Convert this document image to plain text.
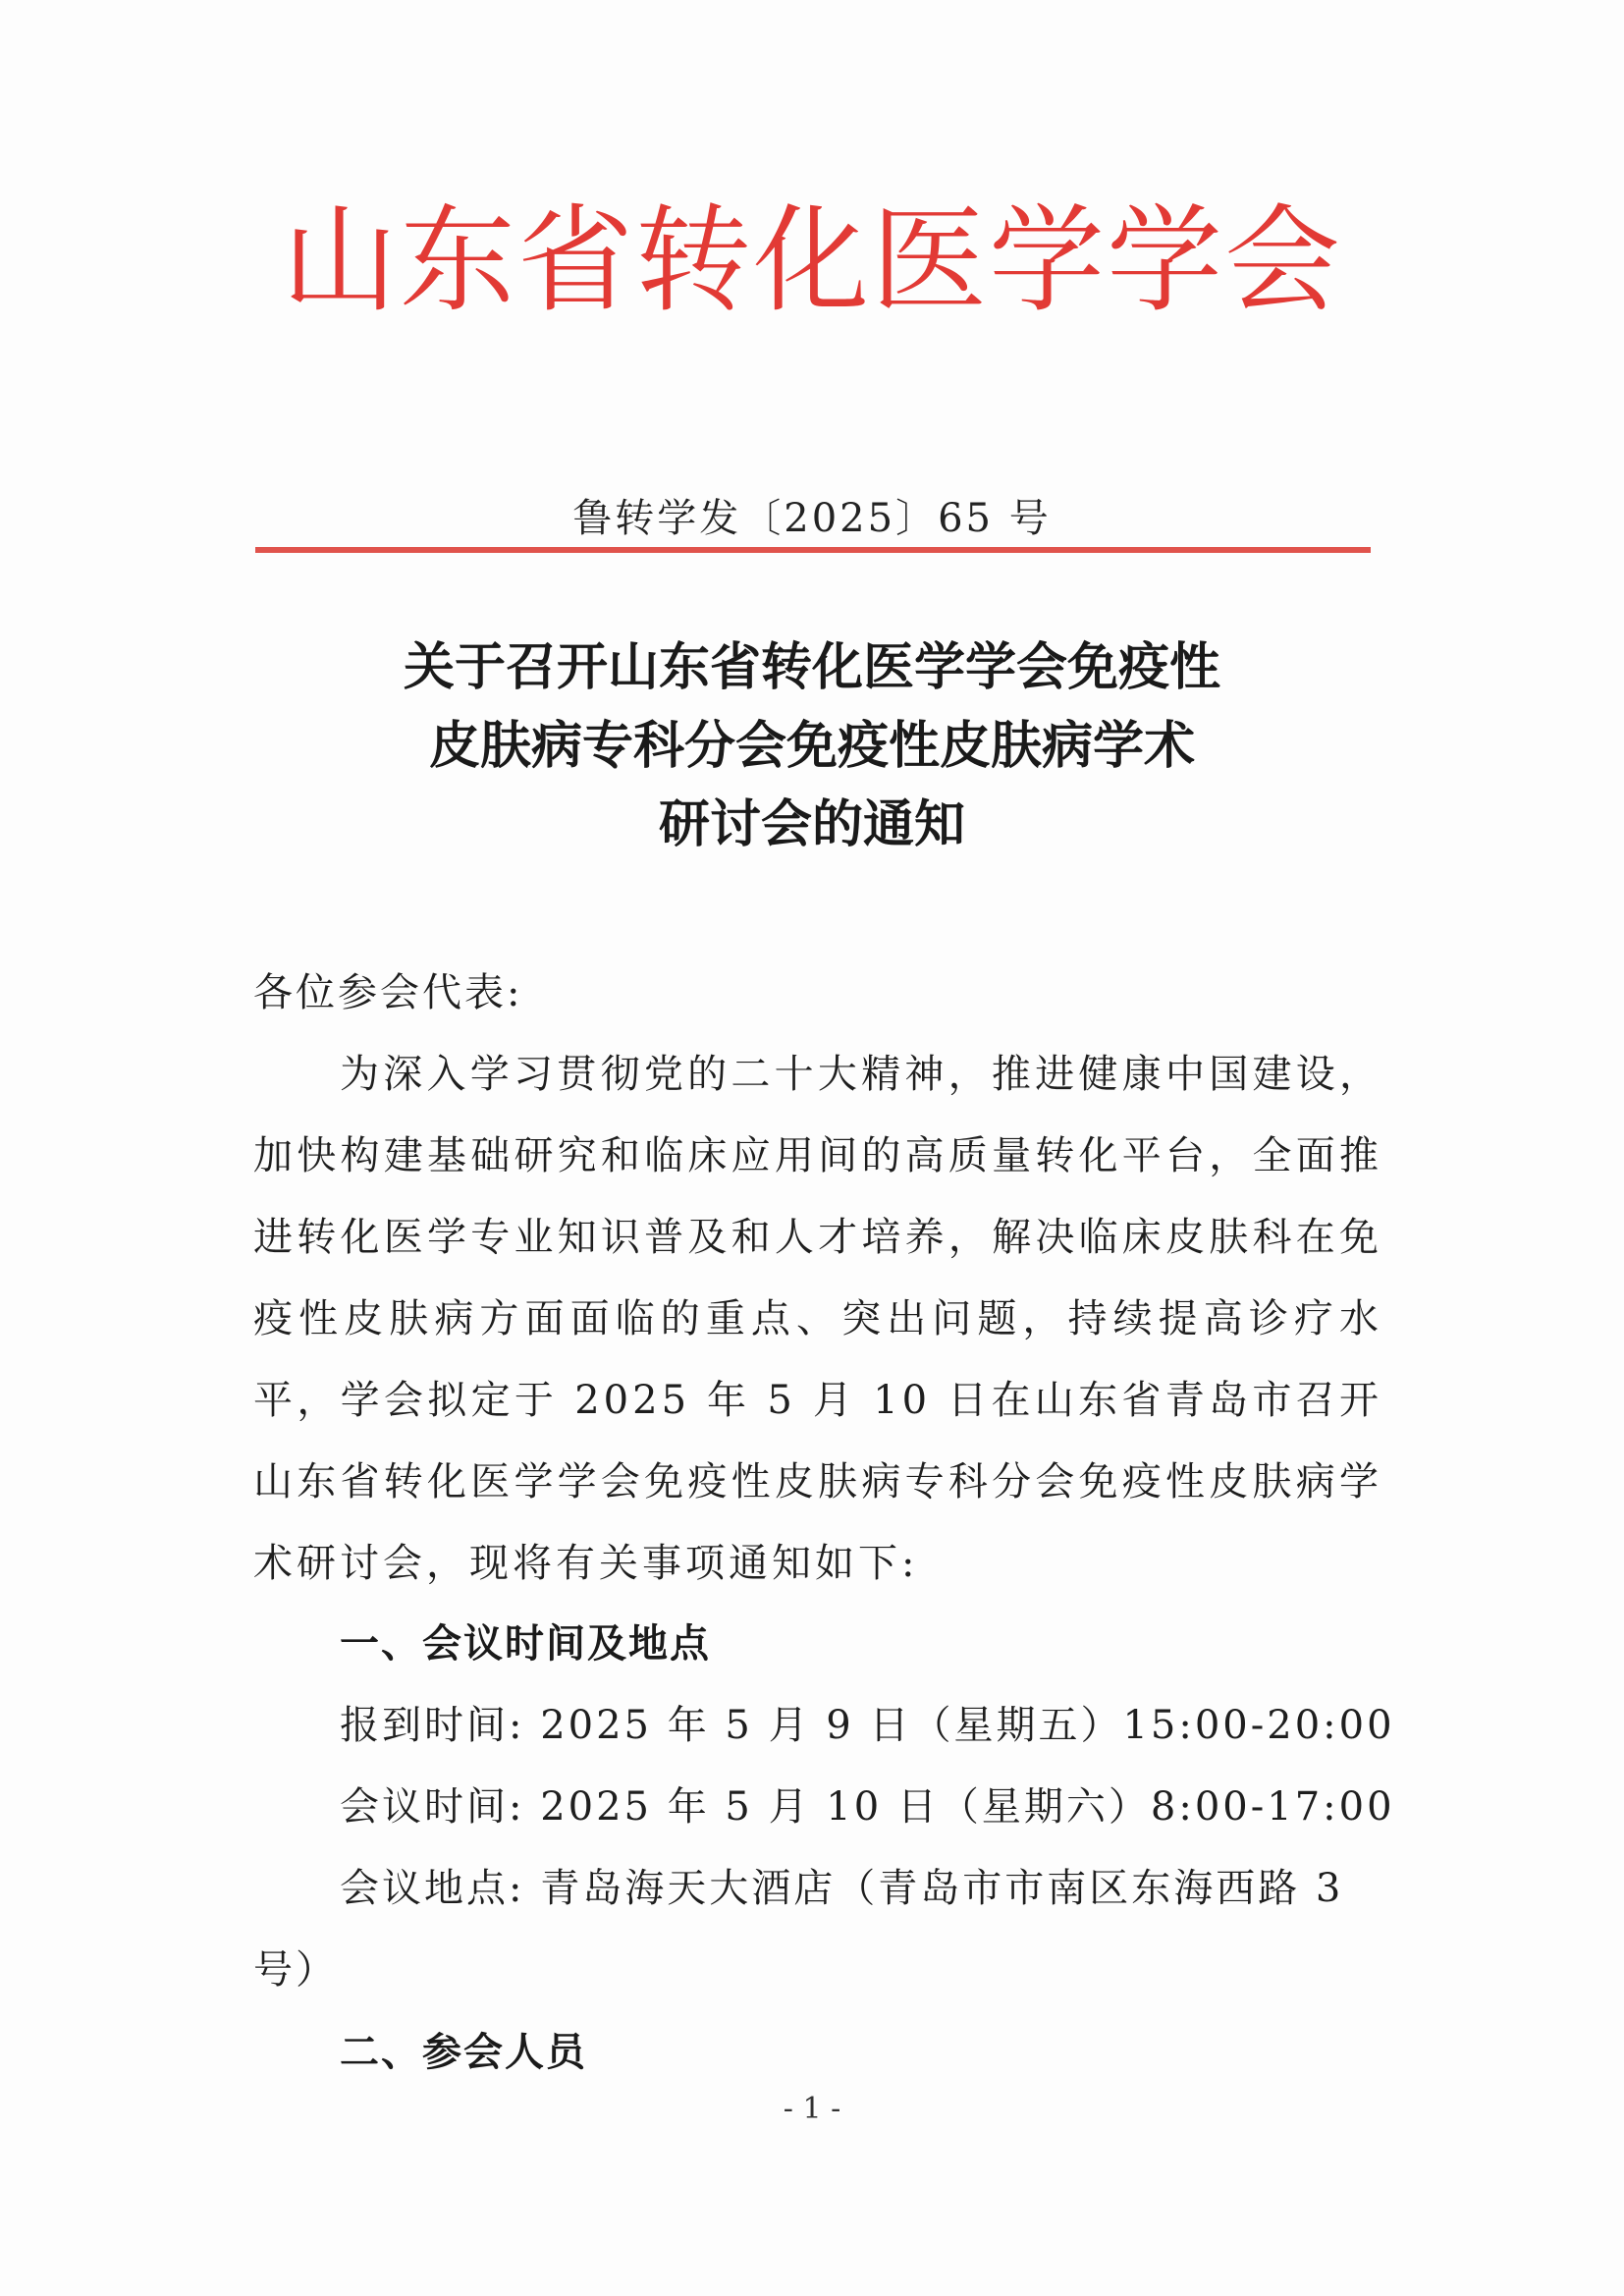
山东省转化医学学会
鲁转学发〔2025〕65 号
关于召开山东省转化医学学会免疫性
皮肤病专科分会免疫性皮肤病学术
研讨会的通知
各位参会代表:
为深入学习贯彻党的二十大精神，推进健康中国建设，加快构建基础研究和临床应用间的高质量转化平台，全面推进转化医学专业知识普及和人才培养，解决临床皮肤科在免疫性皮肤病方面面临的重点、突出问题，持续提高诊疗水平，学会拟定于 2025 年 5 月 10 日在山东省青岛市召开山东省转化医学学会免疫性皮肤病专科分会免疫性皮肤病学术研讨会，现将有关事项通知如下:
一、会议时间及地点
报到时间: 2025 年 5 月 9 日（星期五）15:00-20:00
会议时间: 2025 年 5 月 10 日（星期六）8:00-17:00
会议地点: 青岛海天大酒店（青岛市市南区东海西路 3
号）
二、参会人员
- 1 -
